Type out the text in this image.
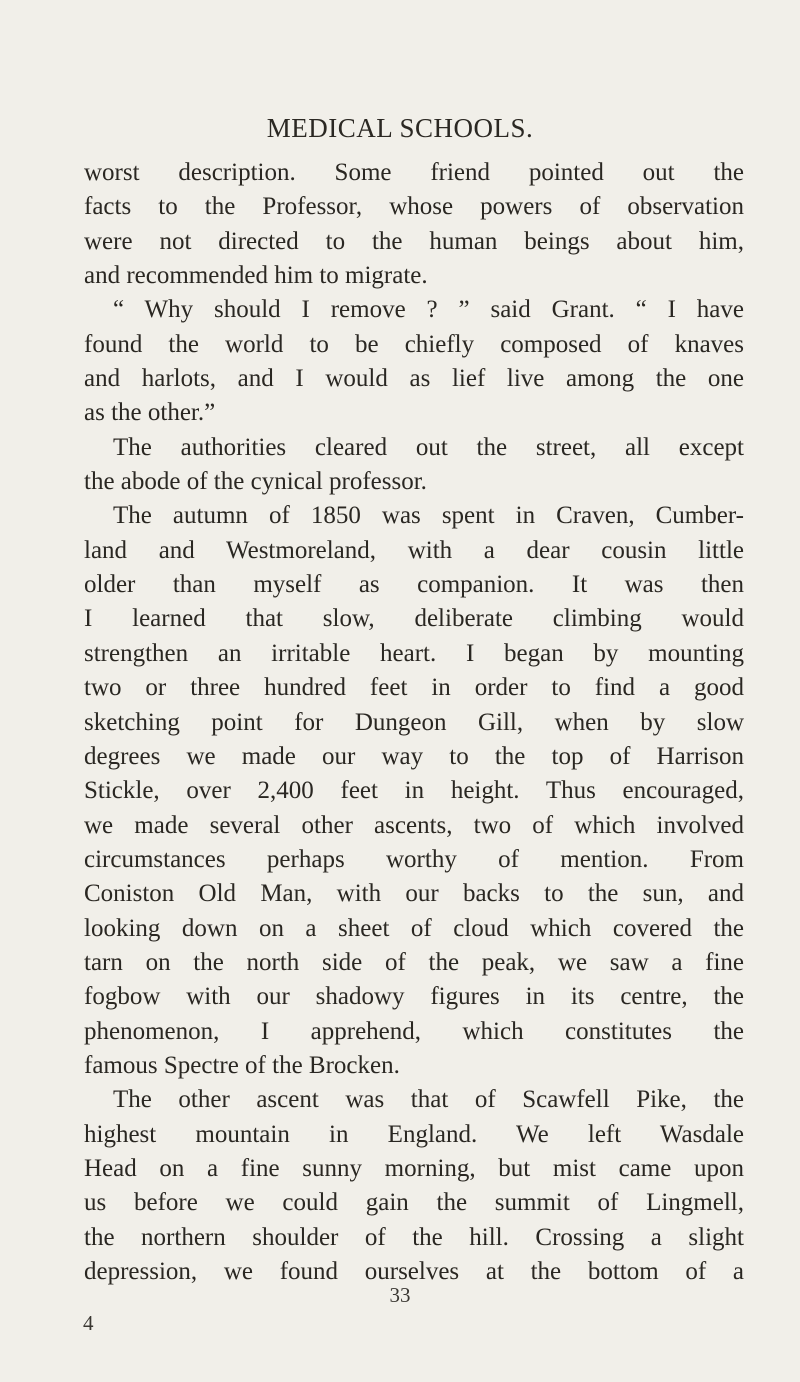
MEDICAL SCHOOLS.
worst description. Some friend pointed out the
facts to the Professor, whose powers of observation
were not directed to the human beings about him,
and recommended him to migrate.
“ Why should I remove ? ” said Grant. “ I have
found the world to be chiefly composed of knaves
and harlots, and I would as lief live among the one
as the other.”
The authorities cleared out the street, all except
the abode of the cynical professor.
The autumn of 1850 was spent in Craven, Cumber-
land and Westmoreland, with a dear cousin little
older than myself as companion. It was then
I learned that slow, deliberate climbing would
strengthen an irritable heart. I began by mounting
two or three hundred feet in order to find a good
sketching point for Dungeon Gill, when by slow
degrees we made our way to the top of Harrison
Stickle, over 2,400 feet in height. Thus encouraged,
we made several other ascents, two of which involved
circumstances perhaps worthy of mention. From
Coniston Old Man, with our backs to the sun, and
looking down on a sheet of cloud which covered the
tarn on the north side of the peak, we saw a fine
fogbow with our shadowy figures in its centre, the
phenomenon, I apprehend, which constitutes the
famous Spectre of the Brocken.
The other ascent was that of Scawfell Pike, the
highest mountain in England. We left Wasdale
Head on a fine sunny morning, but mist came upon
us before we could gain the summit of Lingmell,
the northern shoulder of the hill. Crossing a slight
depression, we found ourselves at the bottom of a
33
4
